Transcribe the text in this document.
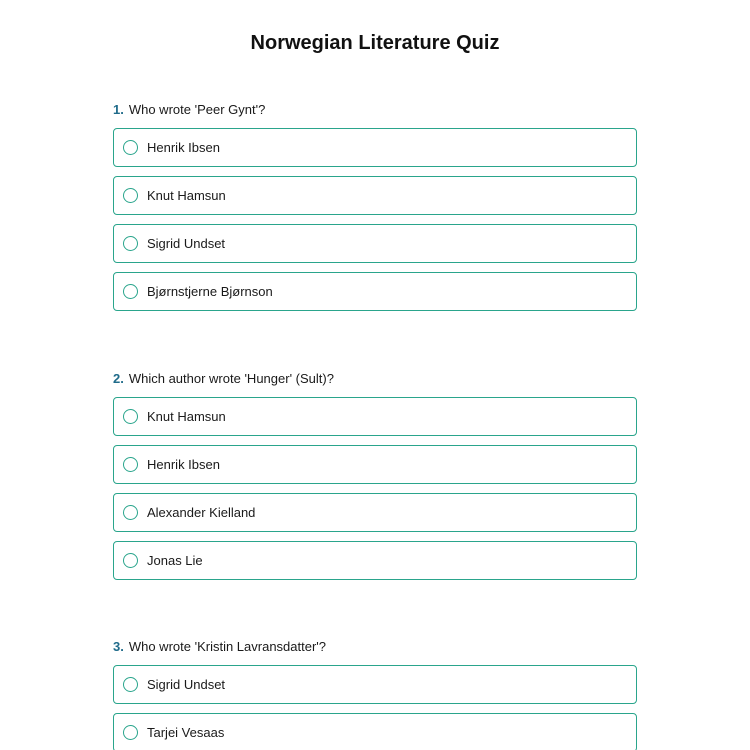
Norwegian Literature Quiz

1. Who wrote 'Peer Gynt'?

Henrik Ibsen
Knut Hamsun
Sigrid Undset
Bjørnstjerne Bjørnson

2. Which author wrote 'Hunger' (Sult)?

Knut Hamsun
Henrik Ibsen
Alexander Kielland
Jonas Lie

3. Who wrote 'Kristin Lavransdatter'?

Sigrid Undset
Tarjei Vesaas
